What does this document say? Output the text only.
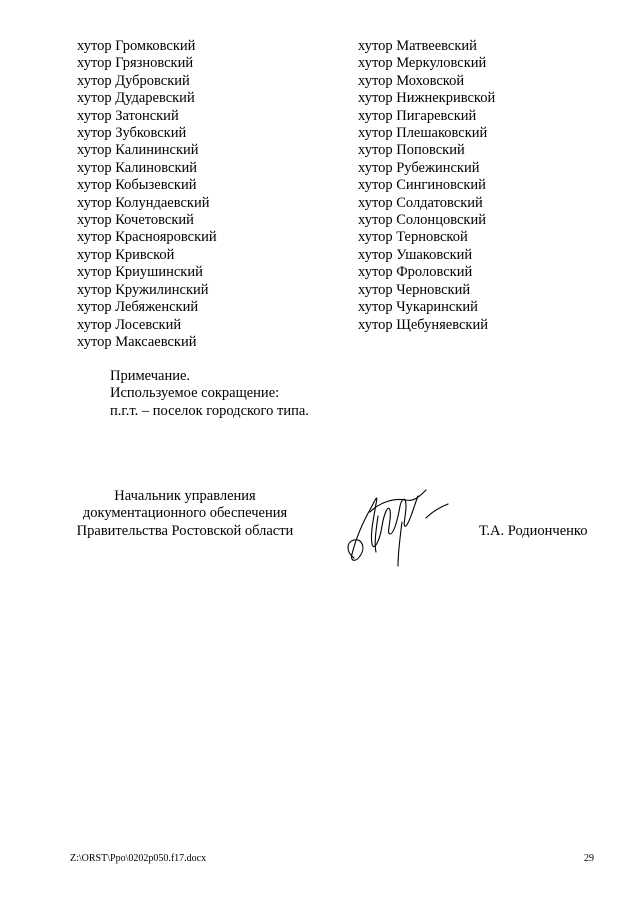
хутор Громковский
хутор Грязновский
хутор Дубровский
хутор Дударевский
хутор Затонский
хутор Зубковский
хутор Калининский
хутор Калиновский
хутор Кобызевский
хутор Колундаевский
хутор Кочетовский
хутор Краснояровский
хутор Кривской
хутор Криушинский
хутор Кружилинский
хутор Лебяженский
хутор Лосевский
хутор Максаевский
хутор Матвеевский
хутор Меркуловский
хутор Моховской
хутор Нижнекривской
хутор Пигаревский
хутор Плешаковский
хутор Поповский
хутор Рубежинский
хутор Сингиновский
хутор Солдатовский
хутор Солонцовский
хутор Терновской
хутор Ушаковский
хутор Фроловский
хутор Черновский
хутор Чукаринский
хутор Щебуняевский
Примечание.
Используемое сокращение:
п.г.т. – поселок городского типа.
Начальник управления
документационного обеспечения
Правительства Ростовской области	Т.А. Родионченко
Z:\ORST\Ppo\0202p050.f17.docx	29
